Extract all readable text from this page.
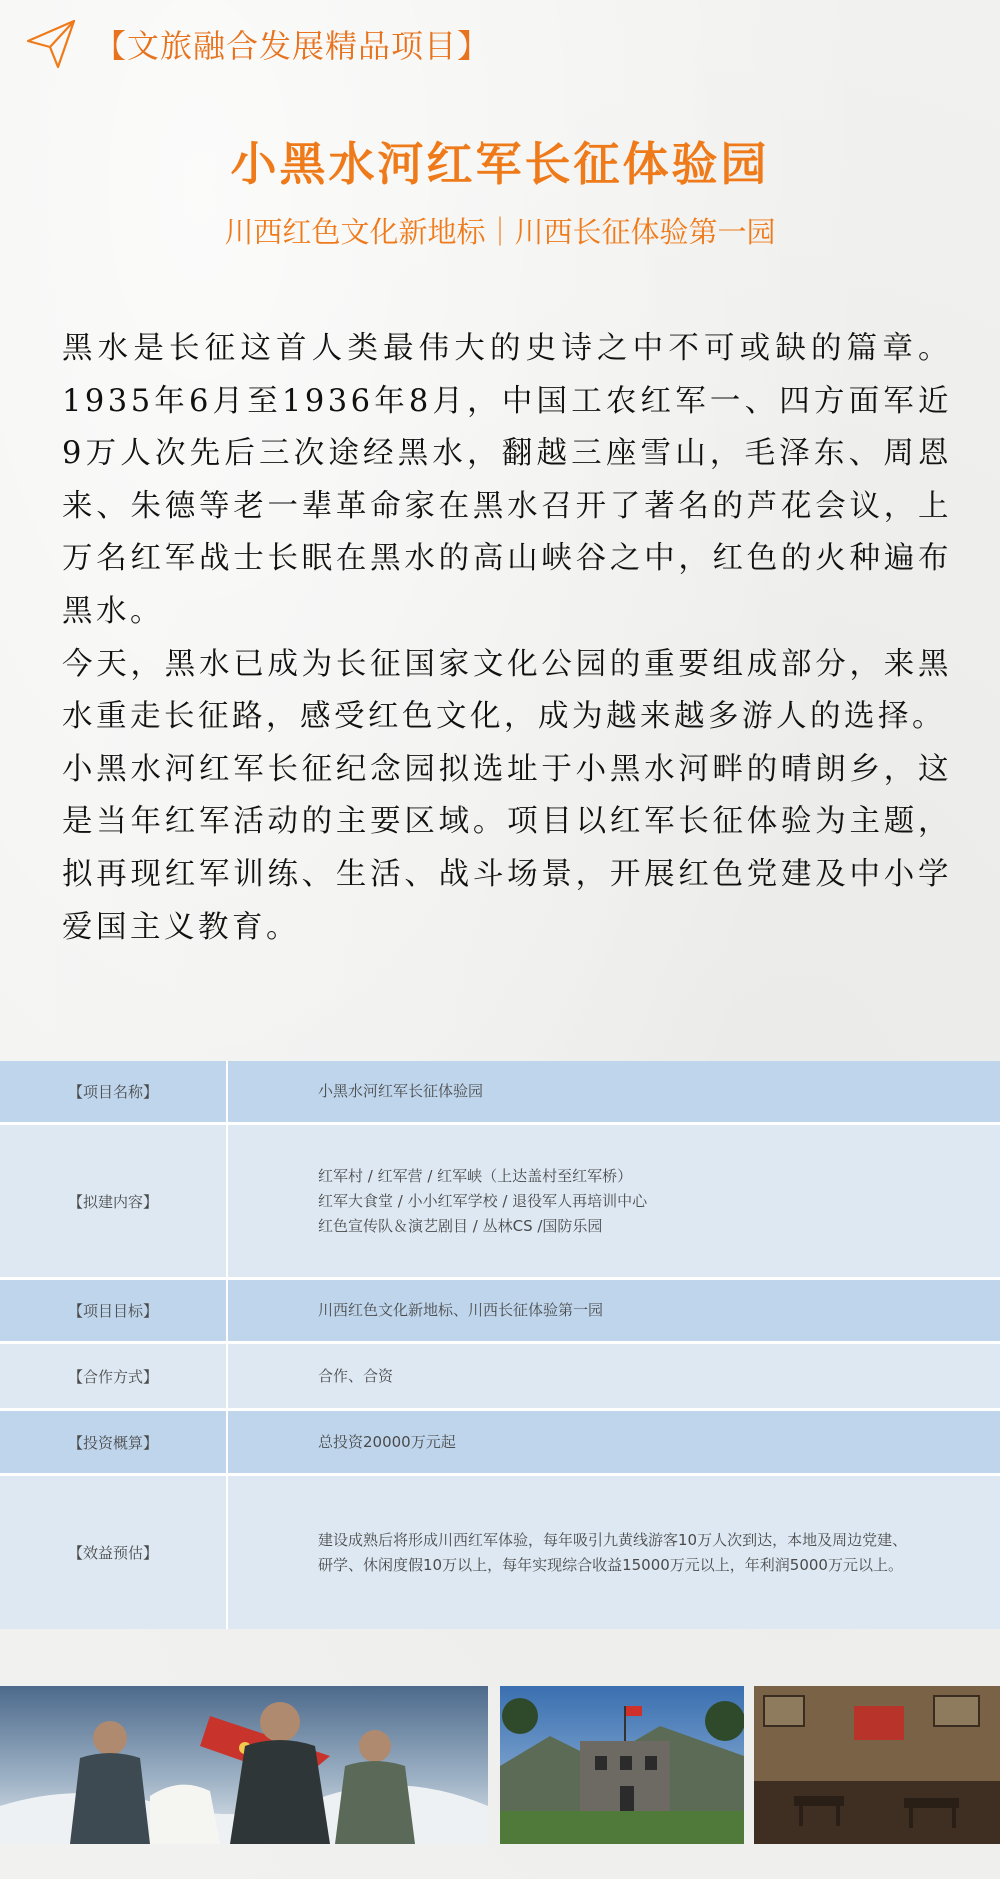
【文旅融合发展精品项目】
小黑水河红军长征体验园
川西红色文化新地标｜川西长征体验第一园

黑水是长征这首人类最伟大的史诗之中不可或缺的篇章。1935年6月至1936年8月，中国工农红军一、四方面军近9万人次先后三次途经黑水，翻越三座雪山，毛泽东、周恩来、朱德等老一辈革命家在黑水召开了著名的芦花会议，上万名红军战士长眠在黑水的高山峡谷之中，红色的火种遍布黑水。

今天，黑水已成为长征国家文化公园的重要组成部分，来黑水重走长征路，感受红色文化，成为越来越多游人的选择。

小黑水河红军长征纪念园拟选址于小黑水河畔的晴朗乡，这是当年红军活动的主要区域。项目以红军长征体验为主题，拟再现红军训练、生活、战斗场景，开展红色党建及中小学爱国主义教育。

【项目名称】	小黑水河红军长征体验园

【拟建内容】	红军村 / 红军营 / 红军峡（上达盖村至红军桥）
红军大食堂 / 小小红军学校 / 退役军人再培训中心
红色宣传队＆演艺剧目 / 丛林CS /国防乐园

【项目目标】	川西红色文化新地标、川西长征体验第一园

【合作方式】	合作、合资

【投资概算】	总投资20000万元起

【效益预估】	建设成熟后将形成川西红军体验，每年吸引九黄线游客10万人次到达，本地及周边党建、
研学、休闲度假10万以上，每年实现综合收益15000万元以上，年利润5000万元以上。
